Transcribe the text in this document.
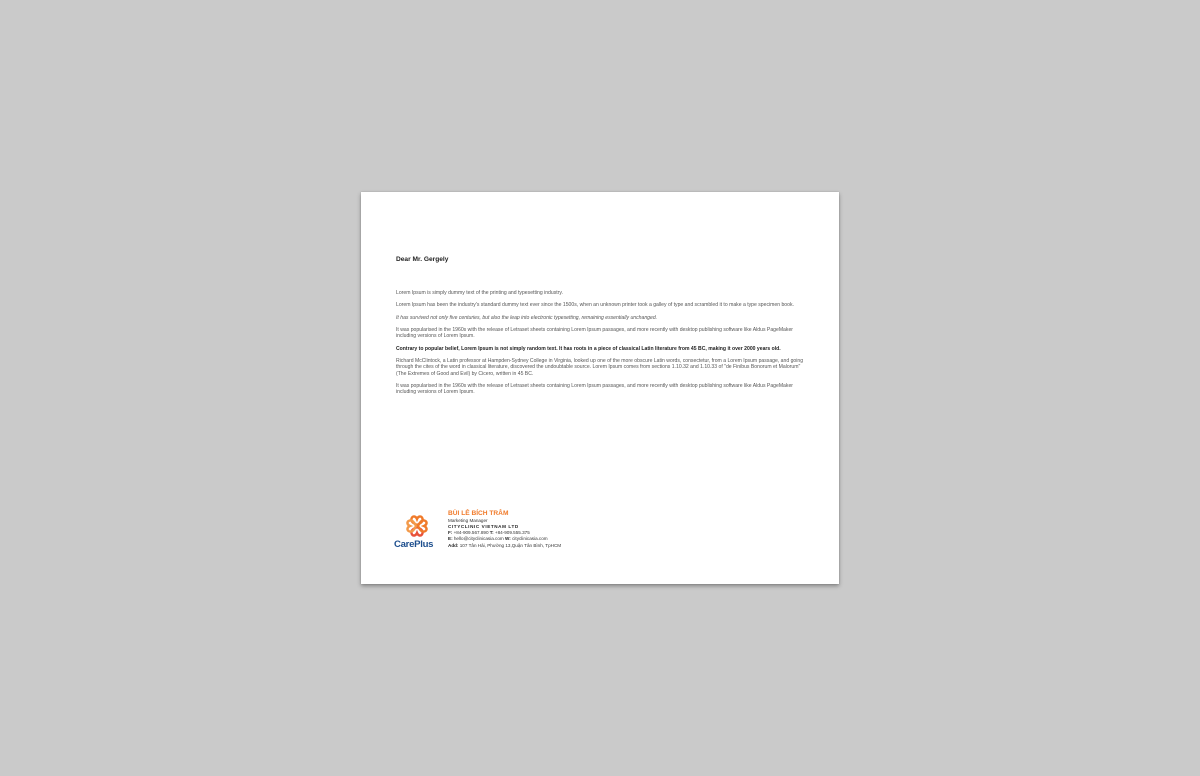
Dear Mr. Gergely

Lorem Ipsum is simply dummy text of the printing and typesetting industry.

Lorem Ipsum has been the industry's standard dummy text ever since the 1500s, when an unknown printer took a galley of type and scrambled it to make a type specimen book.

It has survived not only five centuries, but also the leap into electronic typesetting, remaining essentially unchanged.

It was popularised in the 1960s with the release of Letraset sheets containing Lorem Ipsum passages, and more recently with desktop publishing software like Aldus PageMaker including versions of Lorem Ipsum.

Contrary to popular belief, Lorem Ipsum is not simply random text. It has roots in a piece of classical Latin literature from 45 BC, making it over 2000 years old.

Richard McClintock, a Latin professor at Hampden-Sydney College in Virginia, looked up one of the more obscure Latin words, consectetur, from a Lorem Ipsum passage, and going through the cites of the word in classical literature, discovered the undoubtable source. Lorem Ipsum comes from sections 1.10.32 and 1.10.33 of "de Finibus Bonorum et Malorum" (The Extremes of Good and Evil) by Cicero, written in 45 BC.

It was popularised in the 1960s with the release of Letraset sheets containing Lorem Ipsum passages, and more recently with desktop publishing software like Aldus PageMaker including versions of Lorem Ipsum.

CarePlus
BÙI LÊ BÍCH TRÂM
Marketing Manager
CITYCLINIC VIETNAM LTD
F: +84-909.567.890 T: +84-909.555.375
E: hello@cityclinicasia.com W: cityclinicasia.com
Add: 107 Tân Hải, Phường 13,Quận Tân Bình, TpHCM
